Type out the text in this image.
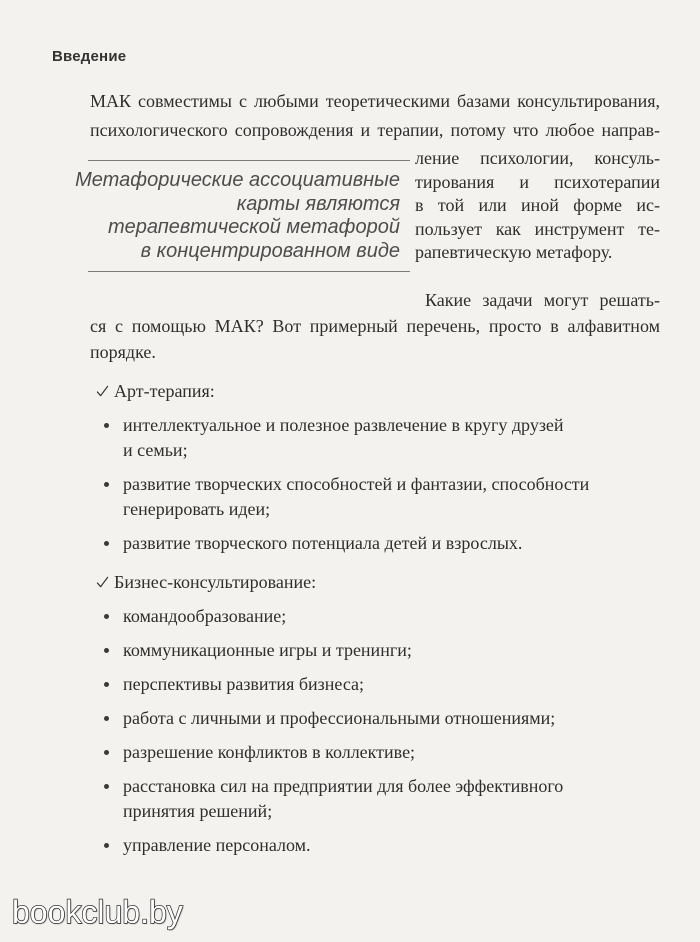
Введение
МАК совместимы с любыми теоретическими базами консультирования,
психологического сопровождения и терапии, потому что любое направ-
Метафорические ассоциативные
карты являются
терапевтической метафорой
в концентрированном виде
ление психологии, консуль-
тирования и психотерапии
в той или иной форме ис-
пользует как инструмент те-
рапевтическую метафору.
Какие задачи могут решать-
ся с помощью МАК? Вот примерный перечень, просто в алфавитном
порядке.
Арт-терапия:
интеллектуальное и полезное развлечение в кругу друзей
и семьи;
развитие творческих способностей и фантазии, способности
генерировать идеи;
развитие творческого потенциала детей и взрослых.
Бизнес-консультирование:
командообразование;
коммуникационные игры и тренинги;
перспективы развития бизнеса;
работа с личными и профессиональными отношениями;
разрешение конфликтов в коллективе;
расстановка сил на предприятии для более эффективного
принятия решений;
управление персоналом.
bookclub.by
